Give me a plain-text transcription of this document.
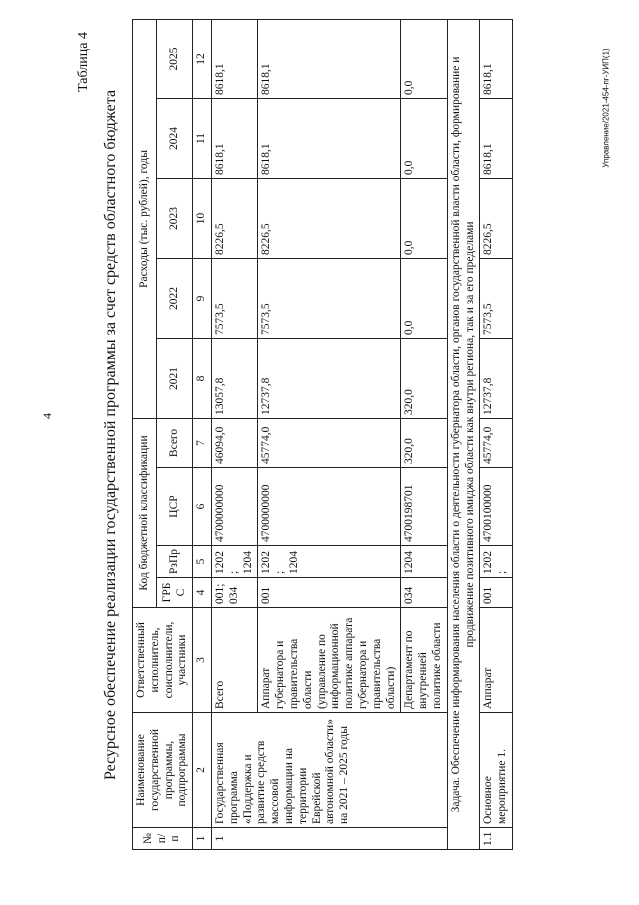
4
Управление/2021-454-пг-УИП(1)
Таблица 4
Ресурсное обеспечение реализации государственной программы за счет средств областного бюджета
№ п/п	Наименование государственной программы, подпрограммы	Ответственный исполнитель, соисполнители, участники	Код бюджетной классификации				Расходы (тыс. рублей), годы				
			ГРБС	РзПр	ЦСР	Всего	2021	2022	2023	2024	2025
1	2	3	4	5	6	7	8	9	10	11	12
1	Государственная программа «Поддержка и развитие средств массовой информации на территории Еврейской автономной области» на 2021 – 2025 годы	Всего	001; 034	1202; 1204	4700000000	46094,0	13057,8	7573,5	8226,5	8618,1	8618,1
		Аппарат губернатора и правительства области (управление по информационной политике аппарата губернатора и правительства области)	001	1202; 1204	4700000000	45774,0	12737,8	7573,5	8226,5	8618,1	8618,1
		Департамент по внутренней политике области	034	1204	4700198701	320,0	320,0	0,0	0,0	0,0	0,0
Задача. Обеспечение информирования населения области о деятельности губернатора области, органов государственной власти области, формирование и продвижение позитивного имиджа области как внутри региона, так и за его пределами											
1.1	Основное мероприятие 1.	Аппарат	001	1202;	4700100000	45774,0	12737,8	7573,5	8226,5	8618,1	8618,1
